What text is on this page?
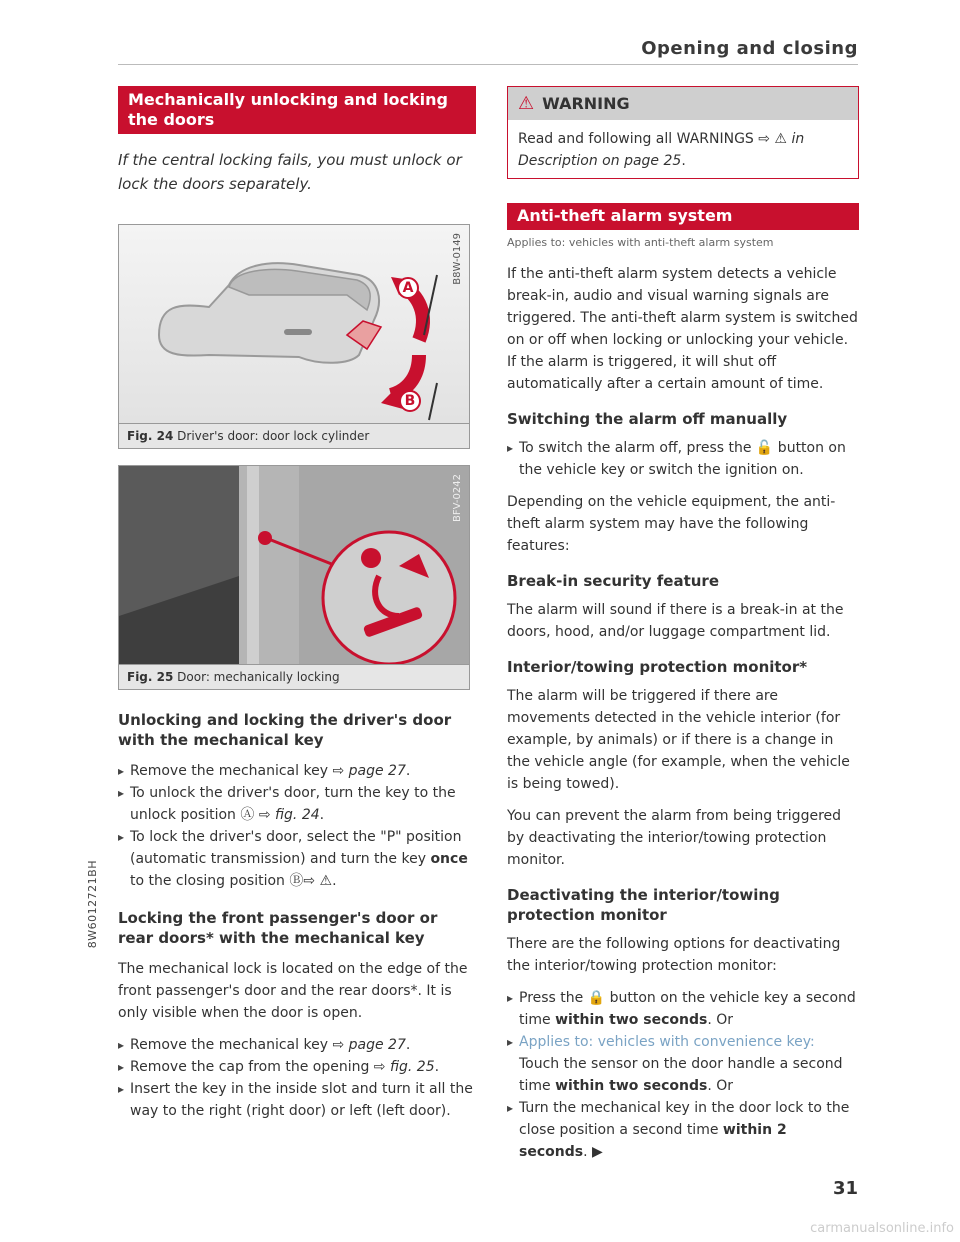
Opening and closing
Mechanically unlocking and locking the doors

If the central locking fails, you must unlock or lock the doors separately.

A
B
B8W-0149
Fig. 24 Driver's door: door lock cylinder
BFV-0242
Fig. 25 Door: mechanically locking
Unlocking and locking the driver's door with the mechanical key
▸ Remove the mechanical key ⇨ page 27.
▸ To unlock the driver's door, turn the key to the unlock position Ⓐ ⇨ fig. 24.
▸ To lock the driver's door, select the "P" position (automatic transmission) and turn the key once to the closing position Ⓑ⇨ ⚠.
Locking the front passenger's door or rear doors* with the mechanical key

The mechanical lock is located on the edge of the front passenger's door and the rear doors*. It is only visible when the door is open.

▸ Remove the mechanical key ⇨ page 27.
▸ Remove the cap from the opening ⇨ fig. 25.
▸ Insert the key in the inside slot and turn it all the way to the right (right door) or left (left door).
⚠ WARNING
Read and following all WARNINGS ⇨ ⚠ in Description on page 25.
Anti-theft alarm system
Applies to: vehicles with anti-theft alarm system

If the anti-theft alarm system detects a vehicle break-in, audio and visual warning signals are triggered. The anti-theft alarm system is switched on or off when locking or unlocking your vehicle. If the alarm is triggered, it will shut off automatically after a certain amount of time.

Switching the alarm off manually
▸ To switch the alarm off, press the 🔓 button on the vehicle key or switch the ignition on.

Depending on the vehicle equipment, the anti-theft alarm system may have the following features:

Break-in security feature

The alarm will sound if there is a break-in at the doors, hood, and/or luggage compartment lid.

Interior/towing protection monitor*

The alarm will be triggered if there are movements detected in the vehicle interior (for example, by animals) or if there is a change in the vehicle angle (for example, when the vehicle is being towed).

You can prevent the alarm from being triggered by deactivating the interior/towing protection monitor.

Deactivating the interior/towing protection monitor

There are the following options for deactivating the interior/towing protection monitor:

▸ Press the 🔒 button on the vehicle key a second time within two seconds. Or
▸ Applies to: vehicles with convenience key:
Touch the sensor on the door handle a second time within two seconds. Or
▸ Turn the mechanical key in the door lock to the close position a second time within 2 seconds. ▶
8W6012721BH
31
carmanualsonline.info
